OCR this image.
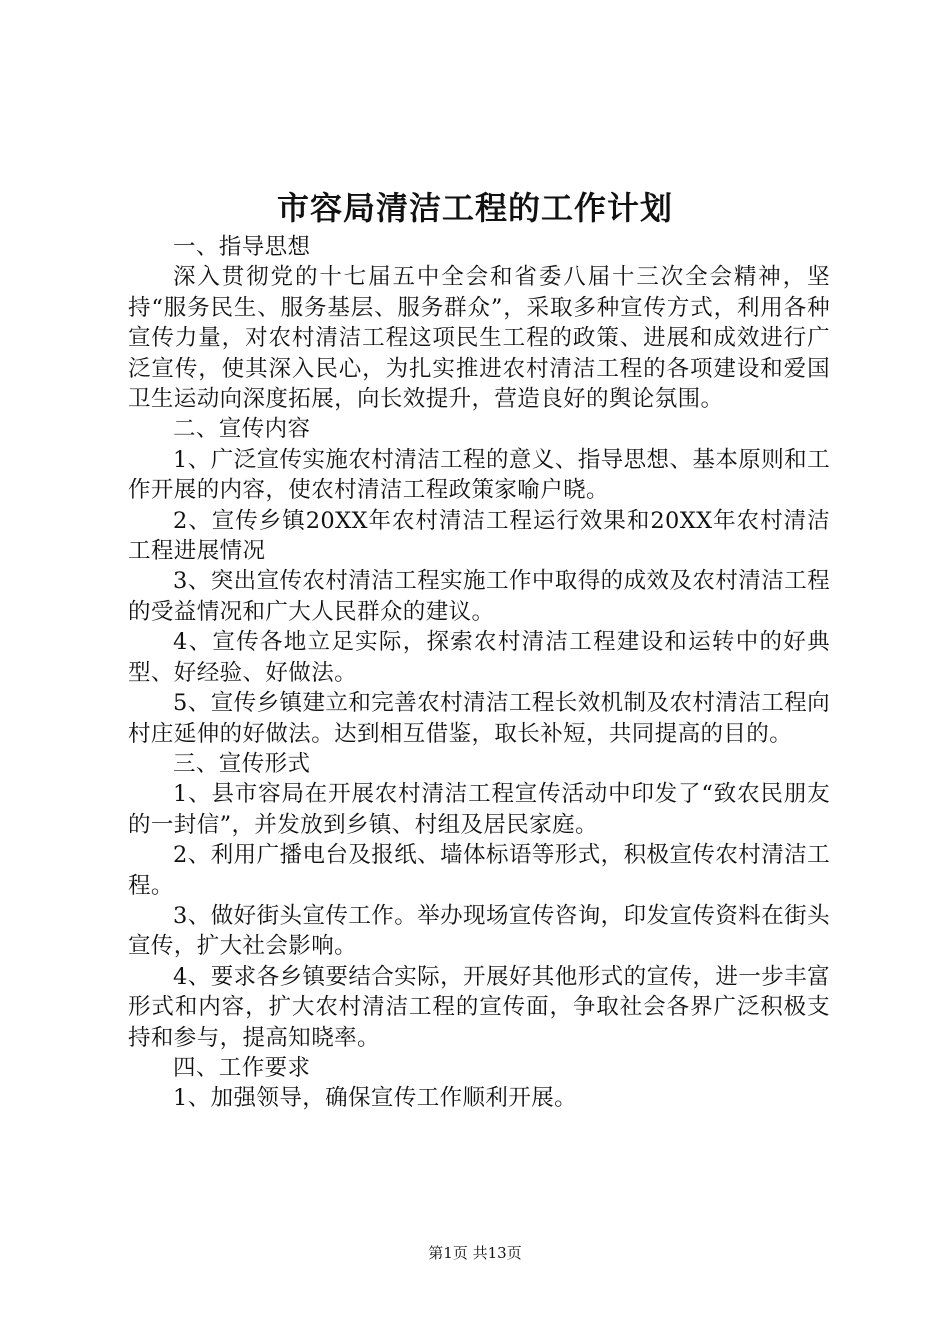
市容局清洁工程的工作计划

一、指导思想

深入贯彻党的十七届五中全会和省委八届十三次全会精神，坚持“服务民生、服务基层、服务群众”，采取多种宣传方式，利用各种宣传力量，对农村清洁工程这项民生工程的政策、进展和成效进行广泛宣传，使其深入民心，为扎实推进农村清洁工程的各项建设和爱国卫生运动向深度拓展，向长效提升，营造良好的舆论氛围。

二、宣传内容

1、广泛宣传实施农村清洁工程的意义、指导思想、基本原则和工作开展的内容，使农村清洁工程政策家喻户晓。

2、宣传乡镇20XX年农村清洁工程运行效果和20XX年农村清洁工程进展情况

3、突出宣传农村清洁工程实施工作中取得的成效及农村清洁工程的受益情况和广大人民群众的建议。

4、宣传各地立足实际，探索农村清洁工程建设和运转中的好典型、好经验、好做法。

5、宣传乡镇建立和完善农村清洁工程长效机制及农村清洁工程向村庄延伸的好做法。达到相互借鉴，取长补短，共同提高的目的。

三、宣传形式

1、县市容局在开展农村清洁工程宣传活动中印发了“致农民朋友的一封信”，并发放到乡镇、村组及居民家庭。

2、利用广播电台及报纸、墙体标语等形式，积极宣传农村清洁工程。

3、做好街头宣传工作。举办现场宣传咨询，印发宣传资料在街头宣传，扩大社会影响。

4、要求各乡镇要结合实际，开展好其他形式的宣传，进一步丰富形式和内容，扩大农村清洁工程的宣传面，争取社会各界广泛积极支持和参与，提高知晓率。

四、工作要求

1、加强领导，确保宣传工作顺利开展。

第1页 共13页
